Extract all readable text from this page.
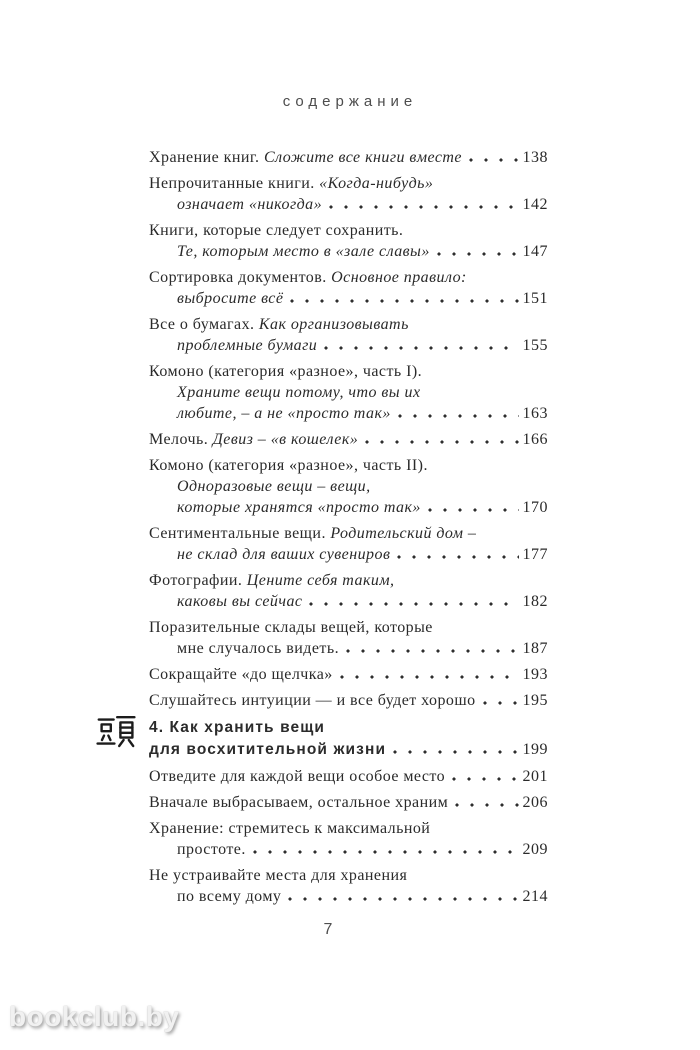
содержание
Хранение книг. Сложите все книги вместе	138
Непрочитанные книги. «Когда-нибудь»
означает «никогда»	142
Книги, которые следует сохранить.
Те, которым место в «зале славы»	147
Сортировка документов. Основное правило:
выбросите всё	151
Все о бумагах. Как организовывать
проблемные бумаги	155
Комоно (категория «разное», часть I).
Храните вещи потому, что вы их
любите, – а не «просто так»	163
Мелочь. Девиз – «в кошелек»	166
Комоно (категория «разное», часть II).
Одноразовые вещи – вещи,
которые хранятся «просто так»	170
Сентиментальные вещи. Родительский дом –
не склад для ваших сувениров	177
Фотографии. Цените себя таким,
каковы вы сейчас	182
Поразительные склады вещей, которые
мне случалось видеть.	187
Сокращайте «до щелчка»	193
Слушайтесь интуиции — и все будет хорошо	195
4. Как хранить вещи
для восхитительной жизни	199
Отведите для каждой вещи особое место	201
Вначале выбрасываем, остальное храним	206
Хранение: стремитесь к максимальной
простоте.	209
Не устраивайте места для хранения
по всему дому	214
7
bookclub.by
